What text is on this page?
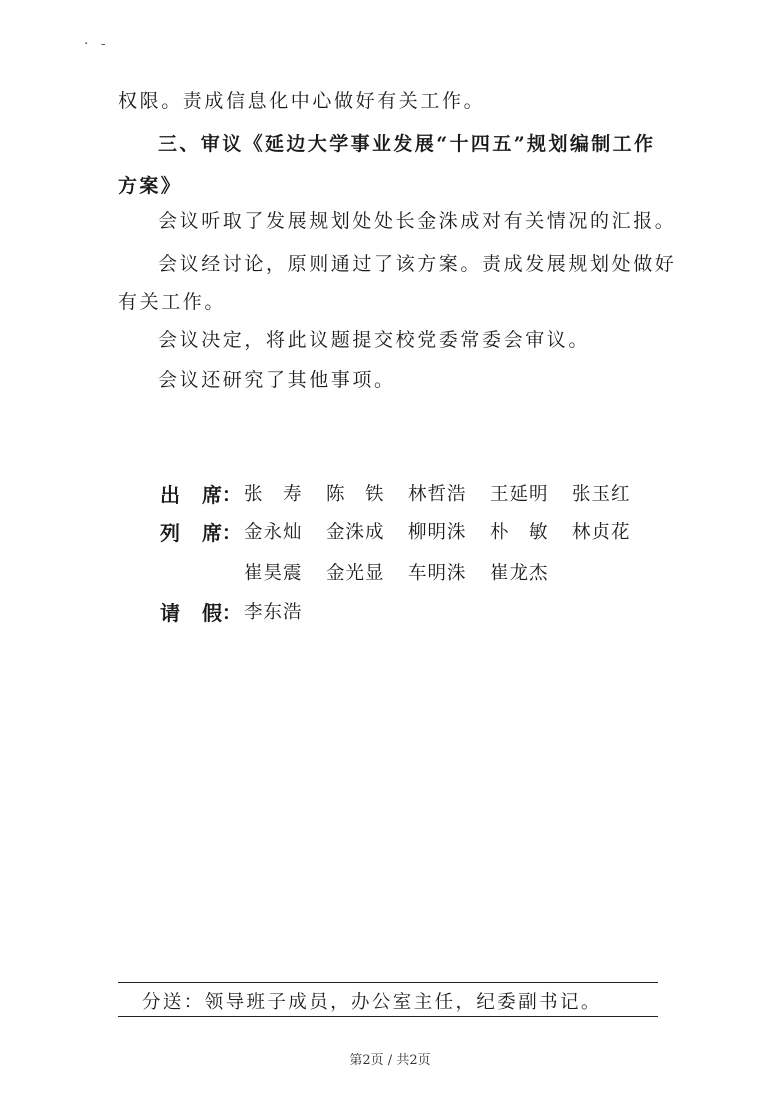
· -
权限。责成信息化中心做好有关工作。
三、审议《延边大学事业发展“十四五”规划编制工作
方案》
会议听取了发展规划处处长金洙成对有关情况的汇报。
会议经讨论，原则通过了该方案。责成发展规划处做好
有关工作。
会议决定，将此议题提交校党委常委会审议。
会议还研究了其他事项。
出 席 ： 张　寿 陈　铁 林哲浩 王延明 张玉红
列 席 ： 金永灿 金洙成 柳明洙 朴　敏 林贞花
崔昊震 金光显 车明洙 崔龙杰
请 假 ： 李东浩
分送：领导班子成员，办公室主任，纪委副书记。
第2页 / 共2页
